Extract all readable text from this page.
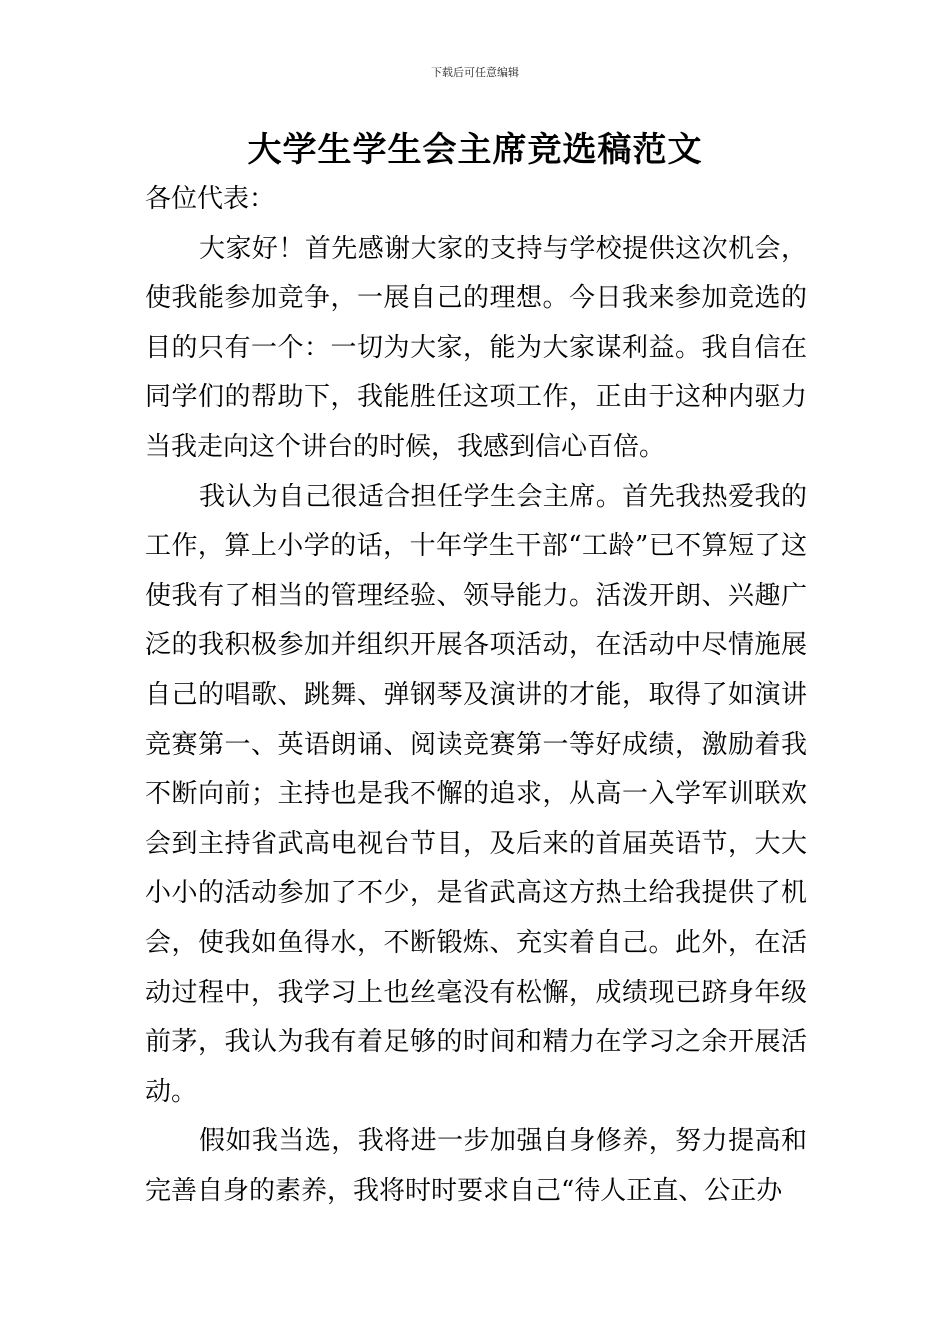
下载后可任意编辑
大学生学生会主席竞选稿范文

各位代表：

大家好！首先感谢大家的支持与学校提供这次机会，使我能参加竞争，一展自己的理想。今日我来参加竞选的目的只有一个：一切为大家，能为大家谋利益。我自信在同学们的帮助下，我能胜任这项工作，正由于这种内驱力当我走向这个讲台的时候，我感到信心百倍。

我认为自己很适合担任学生会主席。首先我热爱我的工作，算上小学的话，十年学生干部“工龄”已不算短了这使我有了相当的管理经验、领导能力。活泼开朗、兴趣广泛的我积极参加并组织开展各项活动，在活动中尽情施展自己的唱歌、跳舞、弹钢琴及演讲的才能，取得了如演讲竞赛第一、英语朗诵、阅读竞赛第一等好成绩，激励着我不断向前；主持也是我不懈的追求，从高一入学军训联欢会到主持省武高电视台节目，及后来的首届英语节，大大小小的活动参加了不少，是省武高这方热土给我提供了机会，使我如鱼得水，不断锻炼、充实着自己。此外，在活动过程中，我学习上也丝毫没有松懈，成绩现已跻身年级前茅，我认为我有着足够的时间和精力在学习之余开展活动。

假如我当选，我将进一步加强自身修养，努力提高和完善自身的素养，我将时时要求自己“待人正直、公正办
